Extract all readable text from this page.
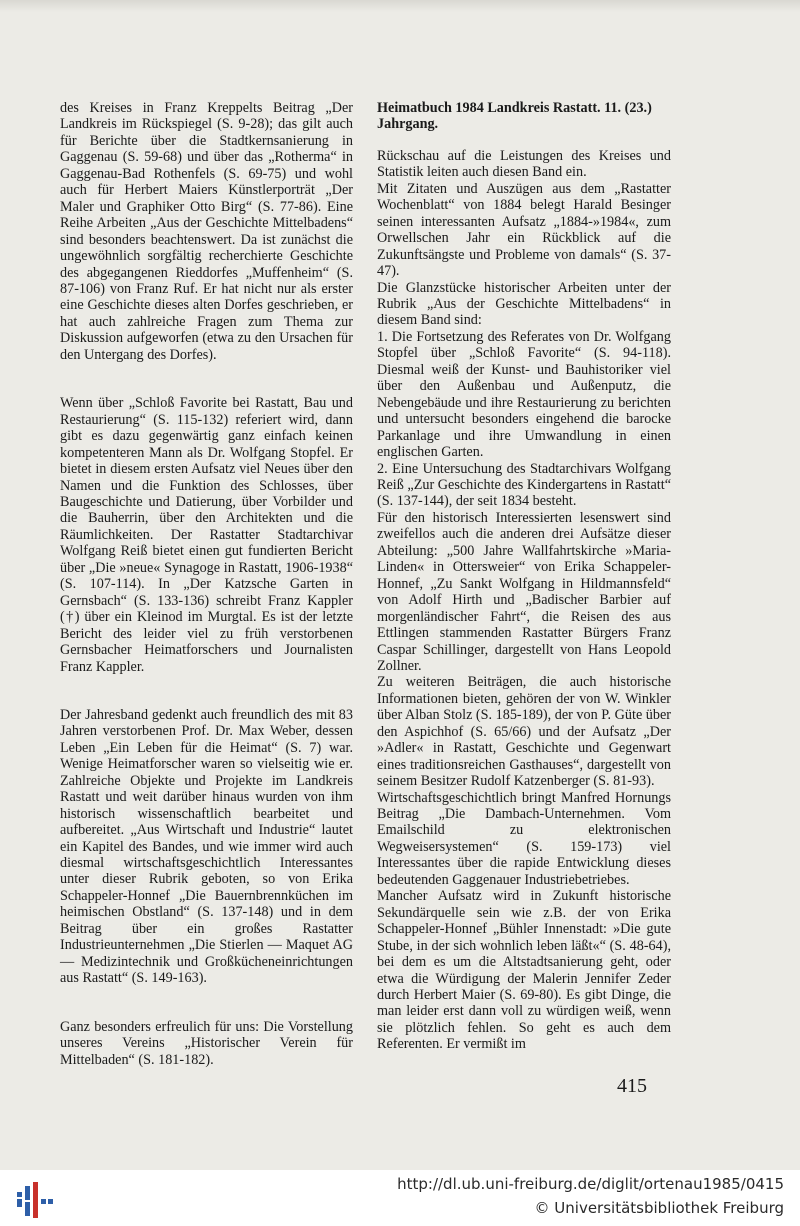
des Kreises in Franz Kreppelts Beitrag „Der Landkreis im Rückspiegel (S. 9-28); das gilt auch für Berichte über die Stadtkernsanierung in Gaggenau (S. 59-68) und über das „Rothermа“ in Gaggenau-Bad Rothenfels (S. 69-75) und wohl auch für Herbert Maiers Künstlerporträt „Der Maler und Graphiker Otto Birg“ (S. 77-86). Eine Reihe Arbeiten „Aus der Geschichte Mittelbadens“ sind besonders beachtenswert. Da ist zunächst die ungewöhnlich sorgfältig recherchierte Geschichte des abgegangenen Rieddorfes „Muffenheim“ (S. 87-106) von Franz Ruf. Er hat nicht nur als erster eine Geschichte dieses alten Dorfes geschrieben, er hat auch zahlreiche Fragen zum Thema zur Diskussion aufgeworfen (etwa zu den Ursachen für den Untergang des Dorfes).

Wenn über „Schloß Favorite bei Rastatt, Bau und Restaurierung“ (S. 115-132) referiert wird, dann gibt es dazu gegenwärtig ganz einfach keinen kompetenteren Mann als Dr. Wolfgang Stopfel. Er bietet in diesem ersten Aufsatz viel Neues über den Namen und die Funktion des Schlosses, über Baugeschichte und Datierung, über Vorbilder und die Bauherrin, über den Architekten und die Räumlichkeiten. Der Rastatter Stadtarchivar Wolfgang Reiß bietet einen gut fundierten Bericht über „Die »neue« Synagoge in Rastatt, 1906-1938“ (S. 107-114). In „Der Katzsche Garten in Gernsbach“ (S. 133-136) schreibt Franz Kappler (†) über ein Kleinod im Murgtal. Es ist der letzte Bericht des leider viel zu früh verstorbenen Gernsbacher Heimatforschers und Journalisten Franz Kappler.

Der Jahresband gedenkt auch freundlich des mit 83 Jahren verstorbenen Prof. Dr. Max Weber, dessen Leben „Ein Leben für die Heimat“ (S. 7) war. Wenige Heimatforscher waren so vielseitig wie er. Zahlreiche Objekte und Projekte im Landkreis Rastatt und weit darüber hinaus wurden von ihm historisch wissenschaftlich bearbeitet und aufbereitet. „Aus Wirtschaft und Industrie“ lautet ein Kapitel des Bandes, und wie immer wird auch diesmal wirtschaftsgeschichtlich Interessantes unter dieser Rubrik geboten, so von Erika Schappeler-Honnef „Die Bauernbrennküchen im heimischen Obstland“ (S. 137-148) und in dem Beitrag über ein großes Rastatter Industrieunternehmen „Die Stierlen — Maquet AG — Medizintechnik und Großkücheneinrichtungen aus Rastatt“ (S. 149-163).

Ganz besonders erfreulich für uns: Die Vorstellung unseres Vereins „Historischer Verein für Mittelbaden“ (S. 181-182).

Heimatbuch 1984 Landkreis Rastatt. 11. (23.) Jahrgang.

Rückschau auf die Leistungen des Kreises und Statistik leiten auch diesen Band ein.

Mit Zitaten und Auszügen aus dem „Rastatter Wochenblatt“ von 1884 belegt Harald Besinger seinen interessanten Aufsatz „1884-»1984«, zum Orwellschen Jahr ein Rückblick auf die Zukunftsängste und Probleme von damals“ (S. 37-47).

Die Glanzstücke historischer Arbeiten unter der Rubrik „Aus der Geschichte Mittelbadens“ in diesem Band sind:

1. Die Fortsetzung des Referates von Dr. Wolfgang Stopfel über „Schloß Favorite“ (S. 94-118). Diesmal weiß der Kunst- und Bauhistoriker viel über den Außenbau und Außenputz, die Nebengebäude und ihre Restaurierung zu berichten und untersucht besonders eingehend die barocke Parkanlage und ihre Umwandlung in einen englischen Garten.

2. Eine Untersuchung des Stadtarchivars Wolfgang Reiß „Zur Geschichte des Kindergartens in Rastatt“ (S. 137-144), der seit 1834 besteht.

Für den historisch Interessierten lesenswert sind zweifellos auch die anderen drei Aufsätze dieser Abteilung: „500 Jahre Wallfahrtskirche »Maria-Linden« in Ottersweier“ von Erika Schappeler-Honnef, „Zu Sankt Wolfgang in Hildmannsfeld“ von Adolf Hirth und „Badischer Barbier auf morgenländischer Fahrt“, die Reisen des aus Ettlingen stammenden Rastatter Bürgers Franz Caspar Schillinger, dargestellt von Hans Leopold Zollner.

Zu weiteren Beiträgen, die auch historische Informationen bieten, gehören der von W. Winkler über Alban Stolz (S. 185-189), der von P. Güte über den Aspichhof (S. 65/66) und der Aufsatz „Der »Adler« in Rastatt, Geschichte und Gegenwart eines traditionsreichen Gasthauses“, dargestellt von seinem Besitzer Rudolf Katzenberger (S. 81-93).

Wirtschaftsgeschichtlich bringt Manfred Hornungs Beitrag „Die Dambach-Unternehmen. Vom Emailschild zu elektronischen Wegweisersystemen“ (S. 159-173) viel Interessantes über die rapide Entwicklung dieses bedeutenden Gaggenauer Industriebetriebes.

Mancher Aufsatz wird in Zukunft historische Sekundärquelle sein wie z.B. der von Erika Schappeler-Honnef „Bühler Innenstadt: »Die gute Stube, in der sich wohnlich leben läßt«“ (S. 48-64), bei dem es um die Altstadtsanierung geht, oder etwa die Würdigung der Malerin Jennifer Zeder durch Herbert Maier (S. 69-80). Es gibt Dinge, die man leider erst dann voll zu würdigen weiß, wenn sie plötzlich fehlen. So geht es auch dem Referenten. Er vermißt im

415
http://dl.ub.uni-freiburg.de/diglit/ortenau1985/0415
© Universitätsbibliothek Freiburg
